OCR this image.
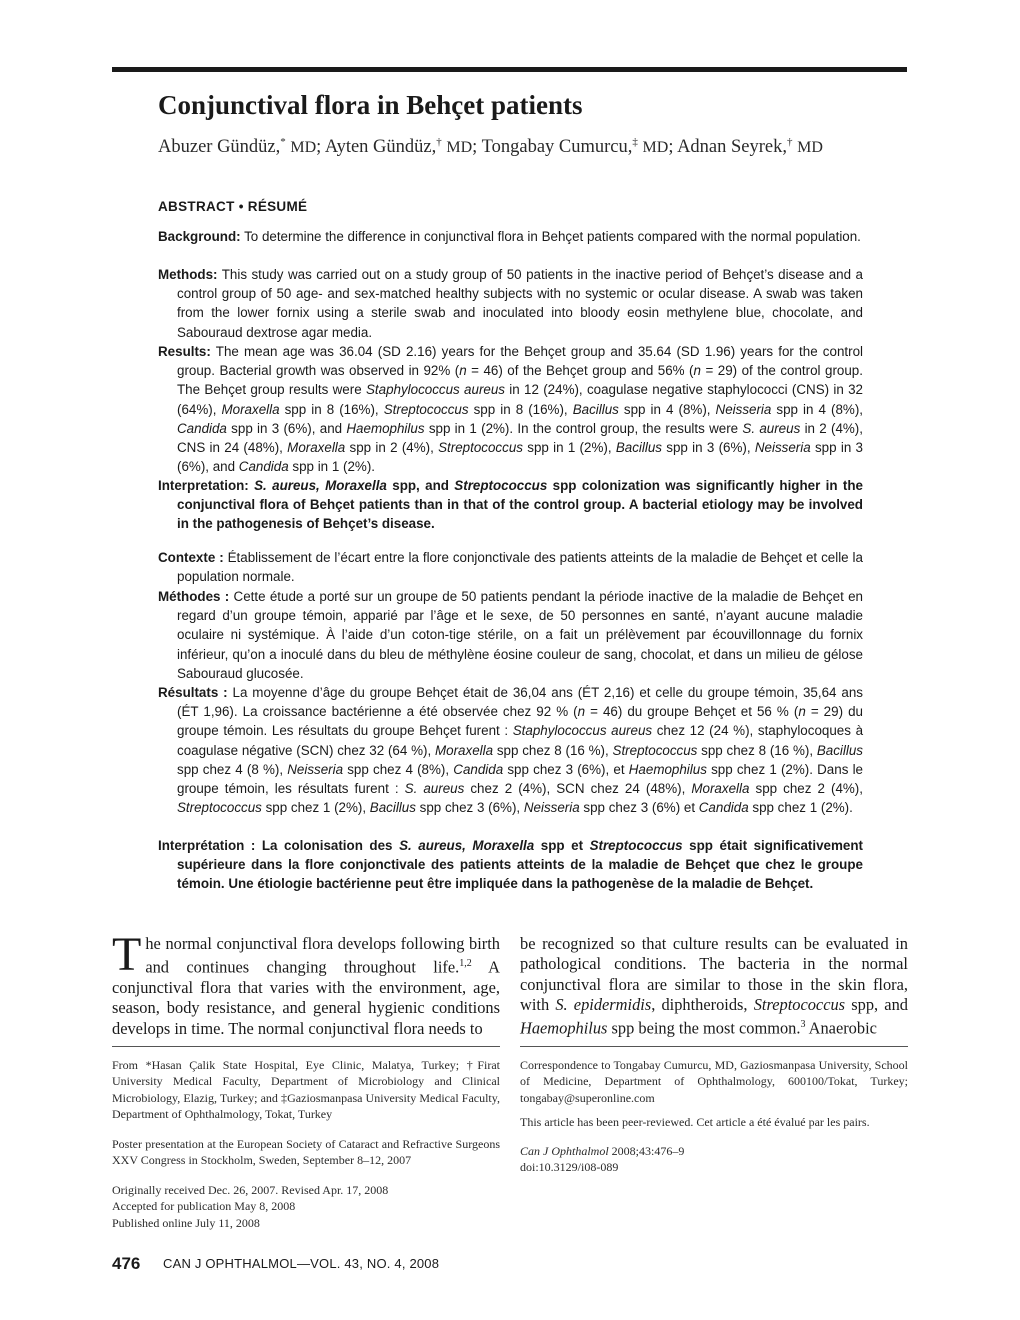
Conjunctival flora in Behçet patients
Abuzer Gündüz,* MD; Ayten Gündüz,† MD; Tongabay Cumurcu,‡ MD; Adnan Seyrek,† MD
ABSTRACT • RÉSUMÉ
Background: To determine the difference in conjunctival flora in Behçet patients compared with the normal population.
Methods: This study was carried out on a study group of 50 patients in the inactive period of Behçet’s disease and a control group of 50 age- and sex-matched healthy subjects with no systemic or ocular disease. A swab was taken from the lower fornix using a sterile swab and inoculated into bloody eosin methylene blue, chocolate, and Sabouraud dextrose agar media.
Results: The mean age was 36.04 (SD 2.16) years for the Behçet group and 35.64 (SD 1.96) years for the control group. Bacterial growth was observed in 92% (n = 46) of the Behçet group and 56% (n = 29) of the control group. The Behçet group results were Staphylococcus aureus in 12 (24%), coagulase negative staphylococci (CNS) in 32 (64%), Moraxella spp in 8 (16%), Streptococcus spp in 8 (16%), Bacillus spp in 4 (8%), Neisseria spp in 4 (8%), Candida spp in 3 (6%), and Haemophilus spp in 1 (2%). In the control group, the results were S. aureus in 2 (4%), CNS in 24 (48%), Moraxella spp in 2 (4%), Streptococcus spp in 1 (2%), Bacillus spp in 3 (6%), Neisseria spp in 3 (6%), and Candida spp in 1 (2%).
Interpretation: S. aureus, Moraxella spp, and Streptococcus spp colonization was significantly higher in the conjunctival flora of Behçet patients than in that of the control group. A bacterial etiology may be involved in the pathogenesis of Behçet’s disease.
Contexte : Établissement de l’écart entre la flore conjonctivale des patients atteints de la maladie de Behçet et celle la population normale.
Méthodes : Cette étude a porté sur un groupe de 50 patients pendant la période inactive de la maladie de Behçet en regard d’un groupe témoin, apparié par l’âge et le sexe, de 50 personnes en santé, n’ayant aucune maladie oculaire ni systémique. À l’aide d’un coton-tige stérile, on a fait un prélèvement par écouvillonnage du fornix inférieur, qu’on a inoculé dans du bleu de méthylène éosine couleur de sang, chocolat, et dans un milieu de gélose Sabouraud glucosée.
Résultats : La moyenne d’âge du groupe Behçet était de 36,04 ans (ÉT 2,16) et celle du groupe témoin, 35,64 ans (ÉT 1,96). La croissance bactérienne a été observée chez 92 % (n = 46) du groupe Behçet et 56 % (n = 29) du groupe témoin. Les résultats du groupe Behçet furent : Staphylococcus aureus chez 12 (24 %), staphylocoques à coagulase négative (SCN) chez 32 (64 %), Moraxella spp chez 8 (16 %), Streptococcus spp chez 8 (16 %), Bacillus spp chez 4 (8 %), Neisseria spp chez 4 (8%), Candida spp chez 3 (6%), et Haemophilus spp chez 1 (2%). Dans le groupe témoin, les résultats furent : S. aureus chez 2 (4%), SCN chez 24 (48%), Moraxella spp chez 2 (4%), Streptococcus spp chez 1 (2%), Bacillus spp chez 3 (6%), Neisseria spp chez 3 (6%) et Candida spp chez 1 (2%).
Interprétation : La colonisation des S. aureus, Moraxella spp et Streptococcus spp était significativement supérieure dans la flore conjonctivale des patients atteints de la maladie de Behçet que chez le groupe témoin. Une étiologie bactérienne peut être impliquée dans la pathogenèse de la maladie de Behçet.
The normal conjunctival flora develops following birth and continues changing throughout life.$^{1,2}$ A conjunctival flora that varies with the environment, age, season, body resistance, and general hygienic conditions develops in time. The normal conjunctival flora needs to
be recognized so that culture results can be evaluated in pathological conditions. The bacteria in the normal conjunctival flora are similar to those in the skin flora, with S. epidermidis, diphtheroids, Streptococcus spp, and Haemophilus spp being the most common.$^3$ Anaerobic
From *Hasan Çalik State Hospital, Eye Clinic, Malatya, Turkey; †Firat University Medical Faculty, Department of Microbiology and Clinical Microbiology, Elazig, Turkey; and ‡Gaziosmanpasa University Medical Faculty, Department of Ophthalmology, Tokat, Turkey
Poster presentation at the European Society of Cataract and Refractive Surgeons XXV Congress in Stockholm, Sweden, September 8–12, 2007
Originally received Dec. 26, 2007. Revised Apr. 17, 2008
Accepted for publication May 8, 2008
Published online July 11, 2008
Correspondence to Tongabay Cumurcu, MD, Gaziosmanpasa University, School of Medicine, Department of Ophthalmology, 600100/Tokat, Turkey; tongabay@superonline.com
This article has been peer-reviewed. Cet article a été évalué par les pairs.
Can J Ophthalmol 2008;43:476–9
doi:10.3129/i08-089
476 CAN J OPHTHALMOL—VOL. 43, NO. 4, 2008
